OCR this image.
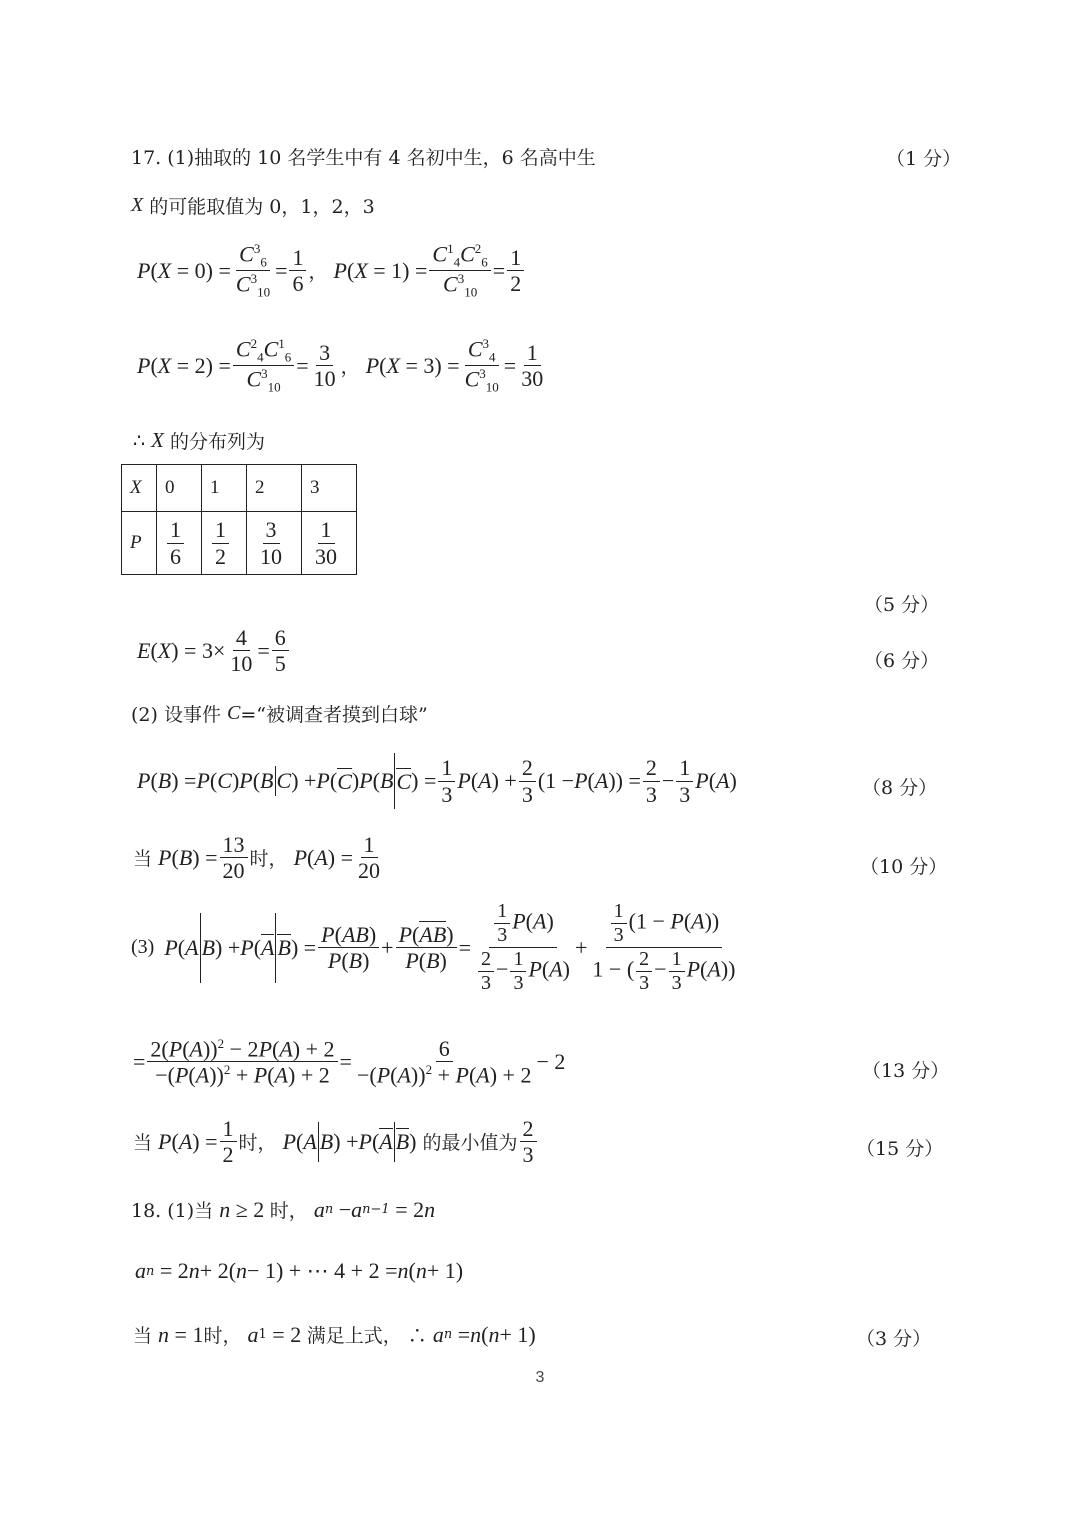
17. (1)抽取的 10 名学生中有 4 名初中生，6 名高中生	（1 分）
X 的可能取值为 0，1，2，3
P ( $X = 0) = \frac{C^3_6}{C^3_{10}} = \frac{1}{6}$ ， P ( $X = 1) = \frac{C^1_4C^2_6}{C^3_{10}} = \frac{1}{2}$
P ( $X = 2) = \frac{C^2_4C^1_6}{C^3_{10}} = \frac{3}{10}$ ， P ( $X = 3) = \frac{C^3_4}{C^3_{10}} = \frac{1}{30}$
∴ X 的分布列为
X	0	1	2	3
P	$\frac{1}{6}$	$\frac{1}{2}$	$\frac{3}{10}$	$\frac{1}{30}$
（5 分）
E ( X ) = $3\times \frac{4}{10} = \frac{6}{5}$	（6 分）
(2) 设事件 C =“被调查者摸到白球”
P ( B ) = P ( C ) P ( B C ) + P ( C ) P ( B C ) = $\frac{1}{3}$ P ( A ) + $\frac{2}{3} (1 - P$ ( A )) = $\frac{2}{3} - \frac{1}{3}$ P ( A )	（8 分）
当 P ( B ) = $\frac{13}{20}$ 时， P ( A ) = $\frac{1}{20}$	（10 分）
(3) P ( A B ) + P ( A B ) = $\frac{P(AB)}{P(B)} + \frac{P(AB)}{P(B)} = \frac{\frac{1}{3} P(A)}{\frac{2}{3} - \frac{1}{3} P(A)} + \frac{\frac{1}{3} (1 - P(A))}{1 - ( \frac{2}{3} - \frac{1}{3} P(A))}$
= $\frac{2(P(A))^2 - 2P(A) + 2}{-(P(A))^2 + P(A) + 2} = \frac{6}{-(P(A))^2 + P(A) + 2} - 2$	（13 分）
当 P ( A ) = $\frac{1}{2}$ 时， P ( A B ) + P ( A B ) 的最小值为 $\frac{2}{3}$	（15 分）
18. (1)当 n ≥ 2 时， a n − a n−1 = 2 n
a n = 2 n + 2( n − 1) + ⋯ 4 + 2 = n ( n + 1)
当 n = 1 时， a 1 = 2 满足上式， ∴ a n = n ( n + 1)	（3 分）
3
